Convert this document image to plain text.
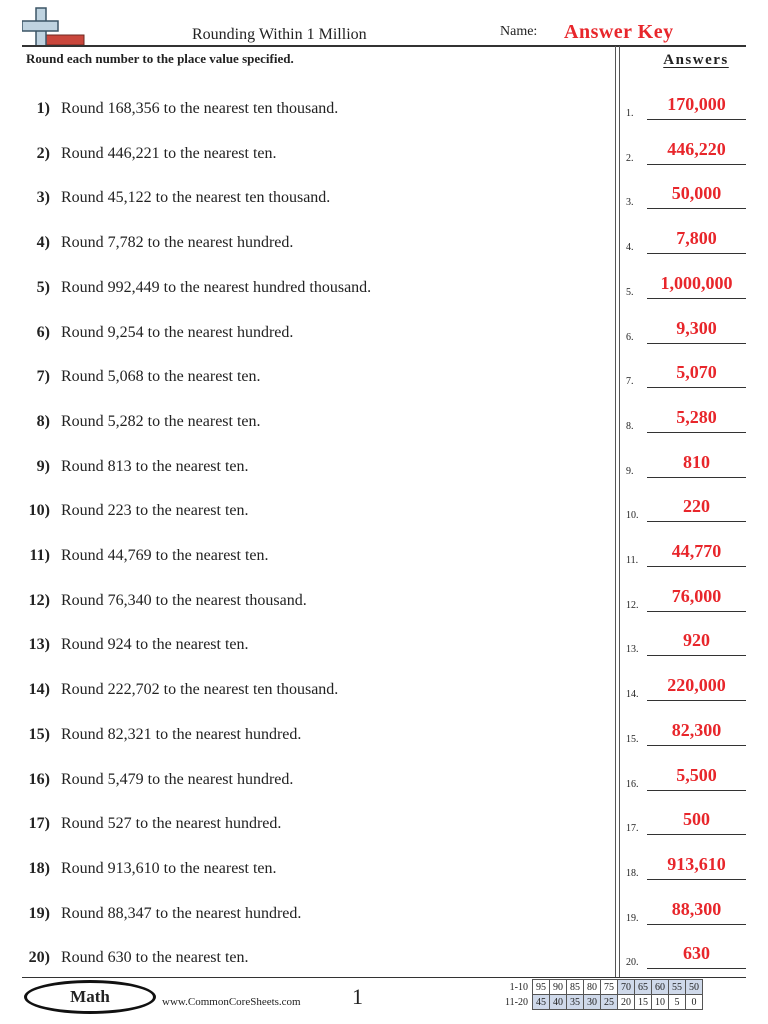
Rounding Within 1 Million	Name: Answer Key
Round each number to the place value specified.	Answers
1) Round 168,356 to the nearest ten thousand.
2) Round 446,221 to the nearest ten.
3) Round 45,122 to the nearest ten thousand.
4) Round 7,782 to the nearest hundred.
5) Round 992,449 to the nearest hundred thousand.
6) Round 9,254 to the nearest hundred.
7) Round 5,068 to the nearest ten.
8) Round 5,282 to the nearest ten.
9) Round 813 to the nearest ten.
10) Round 223 to the nearest ten.
11) Round 44,769 to the nearest ten.
12) Round 76,340 to the nearest thousand.
13) Round 924 to the nearest ten.
14) Round 222,702 to the nearest ten thousand.
15) Round 82,321 to the nearest hundred.
16) Round 5,479 to the nearest hundred.
17) Round 527 to the nearest hundred.
18) Round 913,610 to the nearest ten.
19) Round 88,347 to the nearest hundred.
20) Round 630 to the nearest ten.
1.	170,000
2.	446,220
3.	50,000
4.	7,800
5.	1,000,000
6.	9,300
7.	5,070
8.	5,280
9.	810
10.	220
11.	44,770
12.	76,000
13.	920
14.	220,000
15.	82,300
16.	5,500
17.	500
18.	913,610
19.	88,300
20.	630
Math	www.CommonCoreSheets.com 1	1-10	95	90	85	80	75	70	65	60	55	50
11-20	45	40	35	30	25	20	15	10	5	0
